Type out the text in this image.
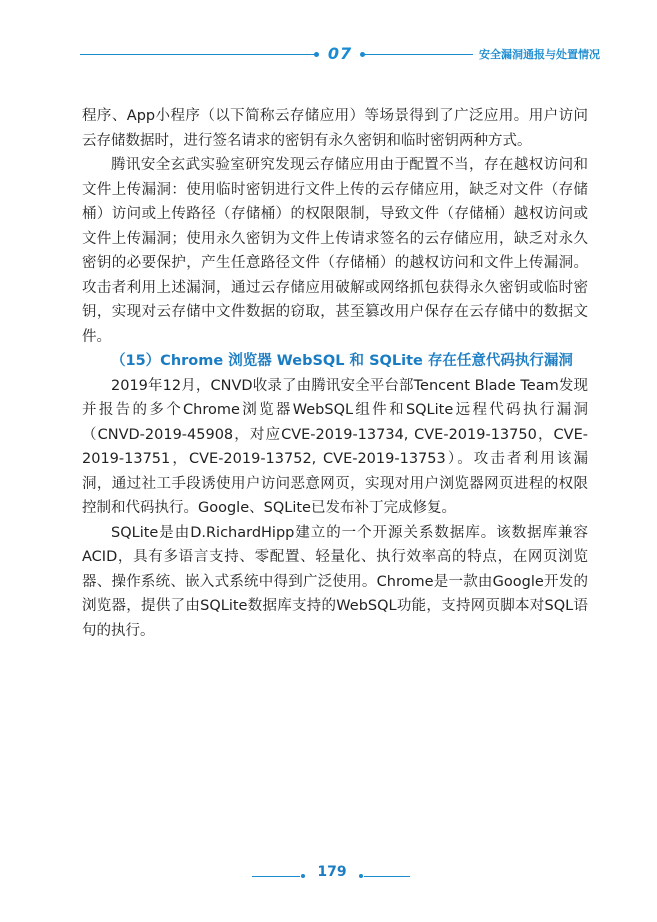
07	安全漏洞通报与处置情况

程序、App小程序（以下简称云存储应用）等场景得到了广泛应用。用户访问云存储数据时，进行签名请求的密钥有永久密钥和临时密钥两种方式。

腾讯安全玄武实验室研究发现云存储应用由于配置不当，存在越权访问和文件上传漏洞：使用临时密钥进行文件上传的云存储应用，缺乏对文件（存储桶）访问或上传路径（存储桶）的权限限制，导致文件（存储桶）越权访问或文件上传漏洞；使用永久密钥为文件上传请求签名的云存储应用，缺乏对永久密钥的必要保护，产生任意路径文件（存储桶）的越权访问和文件上传漏洞。攻击者利用上述漏洞，通过云存储应用破解或网络抓包获得永久密钥或临时密钥，实现对云存储中文件数据的窃取，甚至篡改用户保存在云存储中的数据文件。

（15）Chrome 浏览器 WebSQL 和 SQLite 存在任意代码执行漏洞

2019年12月，CNVD收录了由腾讯安全平台部Tencent Blade Team发现并报告的多个Chrome浏览器WebSQL组件和SQLite远程代码执行漏洞（CNVD-2019-45908，对应CVE-2019-13734, CVE-2019-13750，CVE-2019-13751，CVE-2019-13752, CVE-2019-13753）。攻击者利用该漏洞，通过社工手段诱使用户访问恶意网页，实现对用户浏览器网页进程的权限控制和代码执行。Google、SQLite已发布补丁完成修复。

SQLite是由D.RichardHipp建立的一个开源关系数据库。该数据库兼容ACID，具有多语言支持、零配置、轻量化、执行效率高的特点，在网页浏览器、操作系统、嵌入式系统中得到广泛使用。Chrome是一款由Google开发的浏览器，提供了由SQLite数据库支持的WebSQL功能，支持网页脚本对SQL语句的执行。

179
